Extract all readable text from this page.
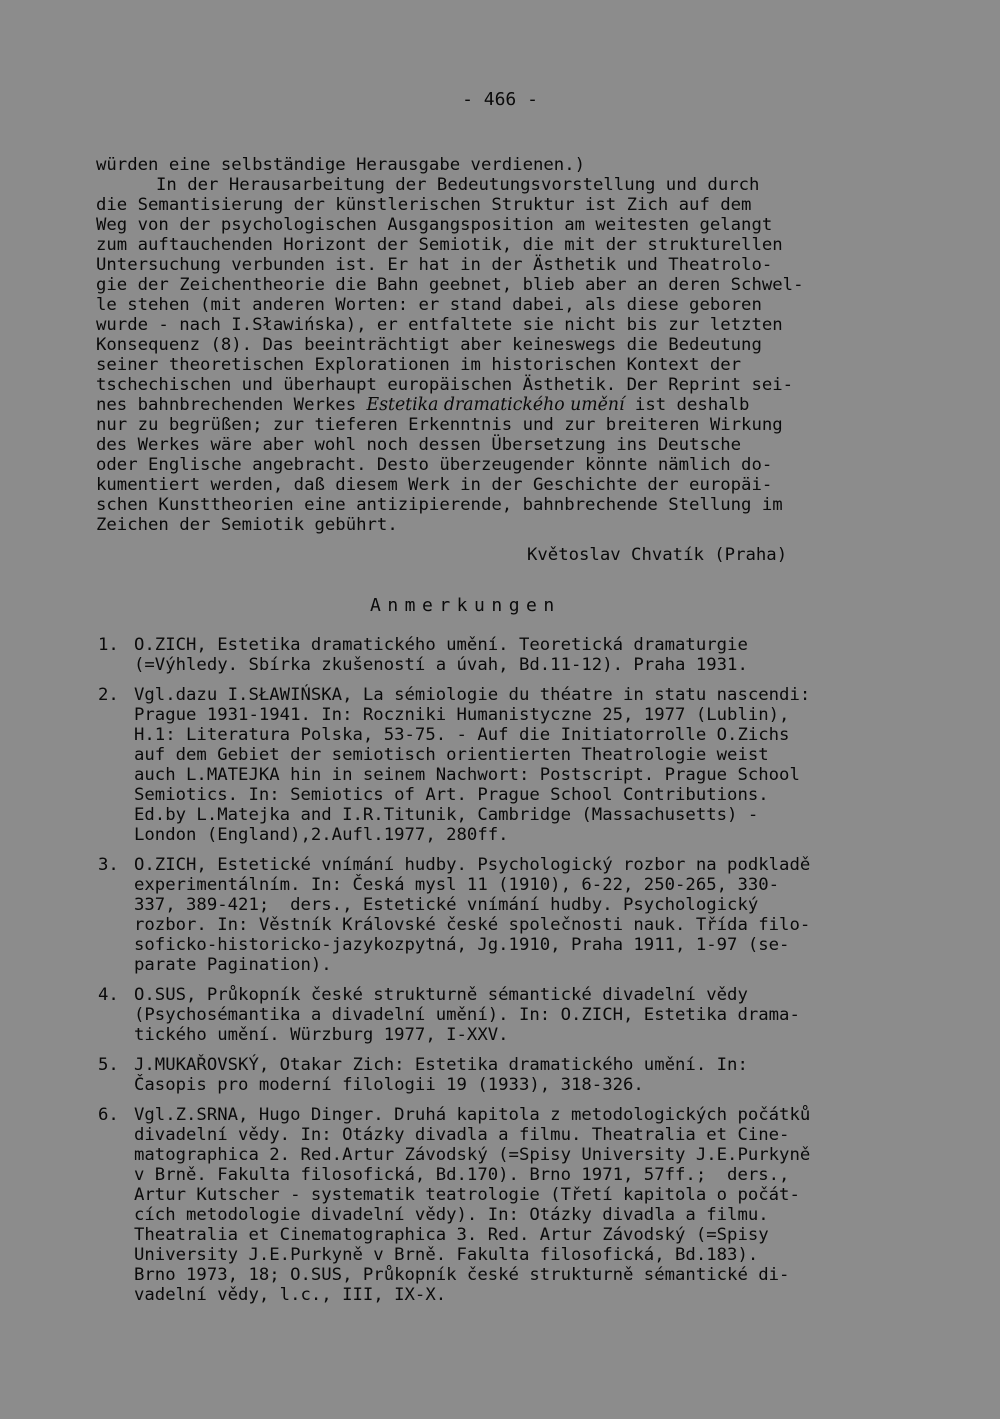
- 466 -
würden eine selbständige Herausgabe verdienen.)
In der Herausarbeitung der Bedeutungsvorstellung und durch
die Semantisierung der künstlerischen Struktur ist Zich auf dem
Weg von der psychologischen Ausgangsposition am weitesten gelangt
zum auftauchenden Horizont der Semiotik, die mit der strukturellen
Untersuchung verbunden ist. Er hat in der Ästhetik und Theatrolo-
gie der Zeichentheorie die Bahn geebnet, blieb aber an deren Schwel-
le stehen (mit anderen Worten: er stand dabei, als diese geboren
wurde - nach I.Sławińska), er entfaltete sie nicht bis zur letzten
Konsequenz (8). Das beeinträchtigt aber keineswegs die Bedeutung
seiner theoretischen Explorationen im historischen Kontext der
tschechischen und überhaupt europäischen Ästhetik. Der Reprint sei-
nes bahnbrechenden Werkes Estetika dramatického umění ist deshalb
nur zu begrüßen; zur tieferen Erkenntnis und zur breiteren Wirkung
des Werkes wäre aber wohl noch dessen Übersetzung ins Deutsche
oder Englische angebracht. Desto überzeugender könnte nämlich do-
kumentiert werden, daß diesem Werk in der Geschichte der europäi-
schen Kunsttheorien eine antizipierende, bahnbrechende Stellung im
Zeichen der Semiotik gebührt.
Květoslav Chvatík (Praha)
Anmerkungen
1. O.ZICH, Estetika dramatického umění. Teoretická dramaturgie
(=Výhledy. Sbírka zkušeností a úvah, Bd.11-12). Praha 1931.
2. Vgl.dazu I.SŁAWIŃSKA, La sémiologie du théatre in statu nascendi:
Prague 1931-1941. In: Roczniki Humanistyczne 25, 1977 (Lublin),
H.1: Literatura Polska, 53-75. - Auf die Initiatorrolle O.Zichs
auf dem Gebiet der semiotisch orientierten Theatrologie weist
auch L.MATEJKA hin in seinem Nachwort: Postscript. Prague School
Semiotics. In: Semiotics of Art. Prague School Contributions.
Ed.by L.Matejka and I.R.Titunik, Cambridge (Massachusetts) -
London (England),2.Aufl.1977, 280ff.
3. O.ZICH, Estetické vnímání hudby. Psychologický rozbor na podkladě
experimentálním. In: Česká mysl 11 (1910), 6-22, 250-265, 330-
337, 389-421;  ders., Estetické vnímání hudby. Psychologický
rozbor. In: Věstník Královské české společnosti nauk. Třída filo-
soficko-historicko-jazykozpytná, Jg.1910, Praha 1911, 1-97 (se-
parate Pagination).
4. O.SUS, Průkopník české strukturně sémantické divadelní vědy
(Psychosémantika a divadelní umění). In: O.ZICH, Estetika drama-
tického umění. Würzburg 1977, I-XXV.
5. J.MUKAŘOVSKÝ, Otakar Zich: Estetika dramatického umění. In:
Časopis pro moderní filologii 19 (1933), 318-326.
6. Vgl.Z.SRNA, Hugo Dinger. Druhá kapitola z metodologických počátků
divadelní vědy. In: Otázky divadla a filmu. Theatralia et Cine-
matographica 2. Red.Artur Závodský (=Spisy University J.E.Purkyně
v Brně. Fakulta filosofická, Bd.170). Brno 1971, 57ff.;  ders.,
Artur Kutscher - systematik teatrologie (Třetí kapitola o počát-
cích metodologie divadelní vědy). In: Otázky divadla a filmu.
Theatralia et Cinematographica 3. Red. Artur Závodský (=Spisy
University J.E.Purkyně v Brně. Fakulta filosofická, Bd.183).
Brno 1973, 18; O.SUS, Průkopník české strukturně sémantické di-
vadelní vědy, l.c., III, IX-X.
